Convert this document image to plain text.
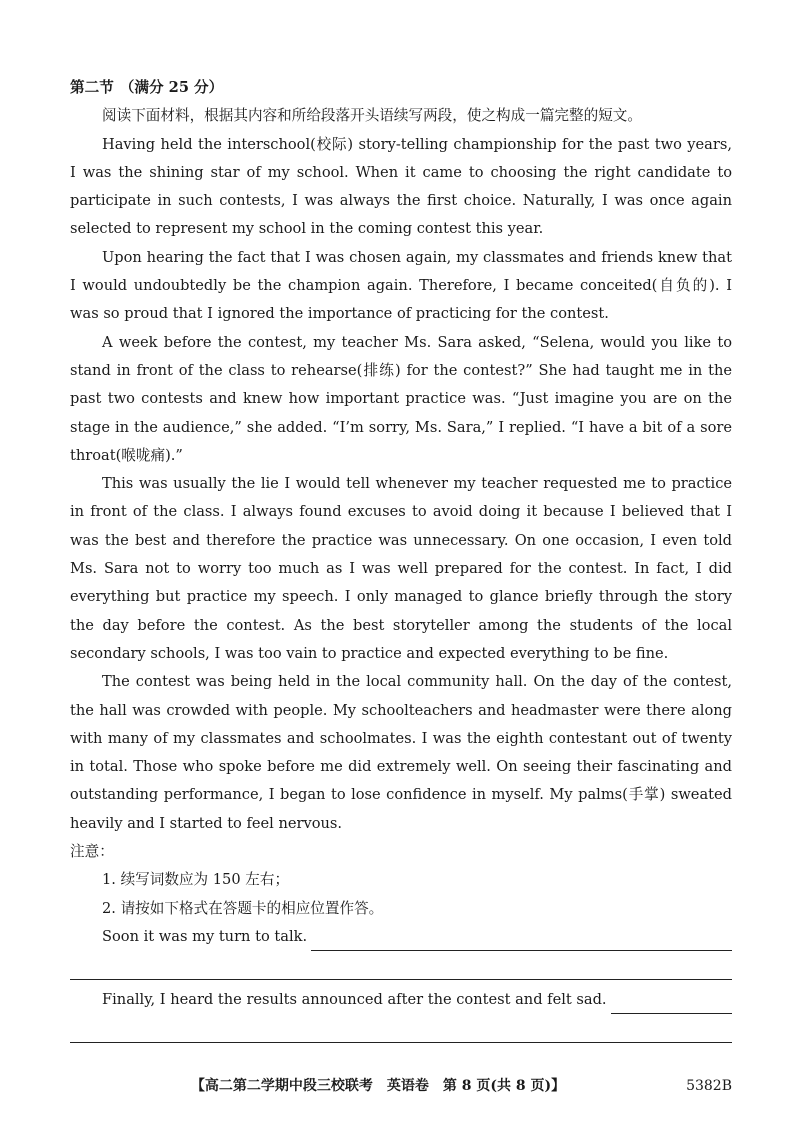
第二节 （满分 25 分）

阅读下面材料，根据其内容和所给段落开头语续写两段，使之构成一篇完整的短文。

Having held the interschool(校际) story-telling championship for the past two years, I was the shining star of my school. When it came to choosing the right candidate to participate in such contests, I was always the first choice. Naturally, I was once again selected to represent my school in the coming contest this year.

Upon hearing the fact that I was chosen again, my classmates and friends knew that I would undoubtedly be the champion again. Therefore, I became conceited(自负的). I was so proud that I ignored the importance of practicing for the contest.

A week before the contest, my teacher Ms. Sara asked, “Selena, would you like to stand in front of the class to rehearse(排练) for the contest?” She had taught me in the past two contests and knew how important practice was. “Just imagine you are on the stage in the audience,” she added. “I’m sorry, Ms. Sara,” I replied. “I have a bit of a sore throat(喉咙痛).”

This was usually the lie I would tell whenever my teacher requested me to practice in front of the class. I always found excuses to avoid doing it because I believed that I was the best and therefore the practice was unnecessary. On one occasion, I even told Ms. Sara not to worry too much as I was well prepared for the contest. In fact, I did everything but practice my speech. I only managed to glance briefly through the story the day before the contest. As the best storyteller among the students of the local secondary schools, I was too vain to practice and expected everything to be fine.

The contest was being held in the local community hall. On the day of the contest, the hall was crowded with people. My schoolteachers and headmaster were there along with many of my classmates and schoolmates. I was the eighth contestant out of twenty in total. Those who spoke before me did extremely well. On seeing their fascinating and outstanding performance, I began to lose confidence in myself. My palms(手掌) sweated heavily and I started to feel nervous.

注意：
1. 续写词数应为 150 左右；
2. 请按如下格式在答题卡的相应位置作答。
Soon it was my turn to talk.
Finally, I heard the results announced after the contest and felt sad.
【高二第二学期中段三校联考　英语卷　第 8 页(共 8 页)】	5382B
